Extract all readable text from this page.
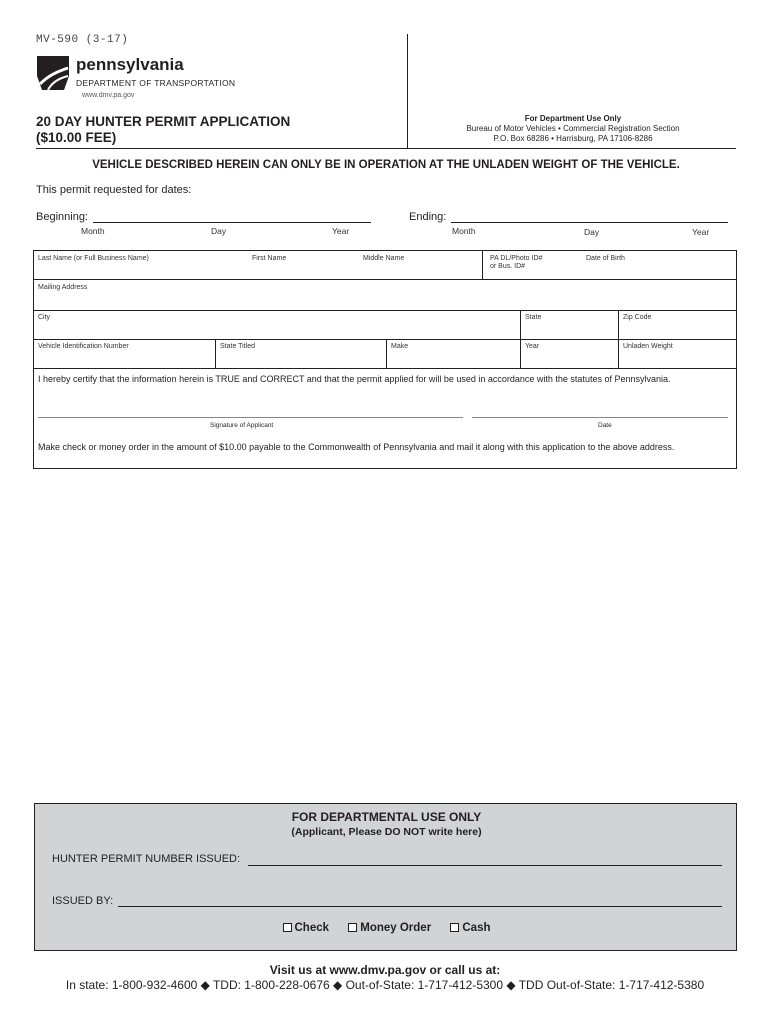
MV-590 (3-17)
pennsylvania
DEPARTMENT OF TRANSPORTATION
www.dmv.pa.gov
20 DAY HUNTER PERMIT APPLICATION
($10.00 FEE)
For Department Use Only
Bureau of Motor Vehicles • Commercial Registration Section
P.O. Box 68286 • Harrisburg, PA 17106-8286
VEHICLE DESCRIBED HEREIN CAN ONLY BE IN OPERATION AT THE UNLADEN WEIGHT OF THE VEHICLE.
This permit requested for dates:
Beginning:
Month	Day	Year
Ending:
Month	Day	Year
Last Name (or Full Business Name)	First Name	Middle Name	PA DL/Photo ID#
or Bus. ID#
Date of Birth
Mailing Address
City	State	Zip Code
Vehicle Identification Number	State Titled	Make	Year	Unladen Weight
I hereby certify that the information herein is TRUE and CORRECT and that the permit applied for will be used in accordance with the statutes of Pennsylvania.
Signature of Applicant	Date
Make check or money order in the amount of $10.00 payable to the Commonwealth of Pennsylvania and mail it along with this application to the above address.
FOR DEPARTMENTAL USE ONLY
(Applicant, Please DO NOT write here)
HUNTER PERMIT NUMBER ISSUED:
ISSUED BY:
Check	Money Order	Cash
Visit us at www.dmv.pa.gov or call us at:
In state: 1-800-932-4600 ◆ TDD: 1-800-228-0676 ◆ Out-of-State: 1-717-412-5300 ◆ TDD Out-of-State: 1-717-412-5380
